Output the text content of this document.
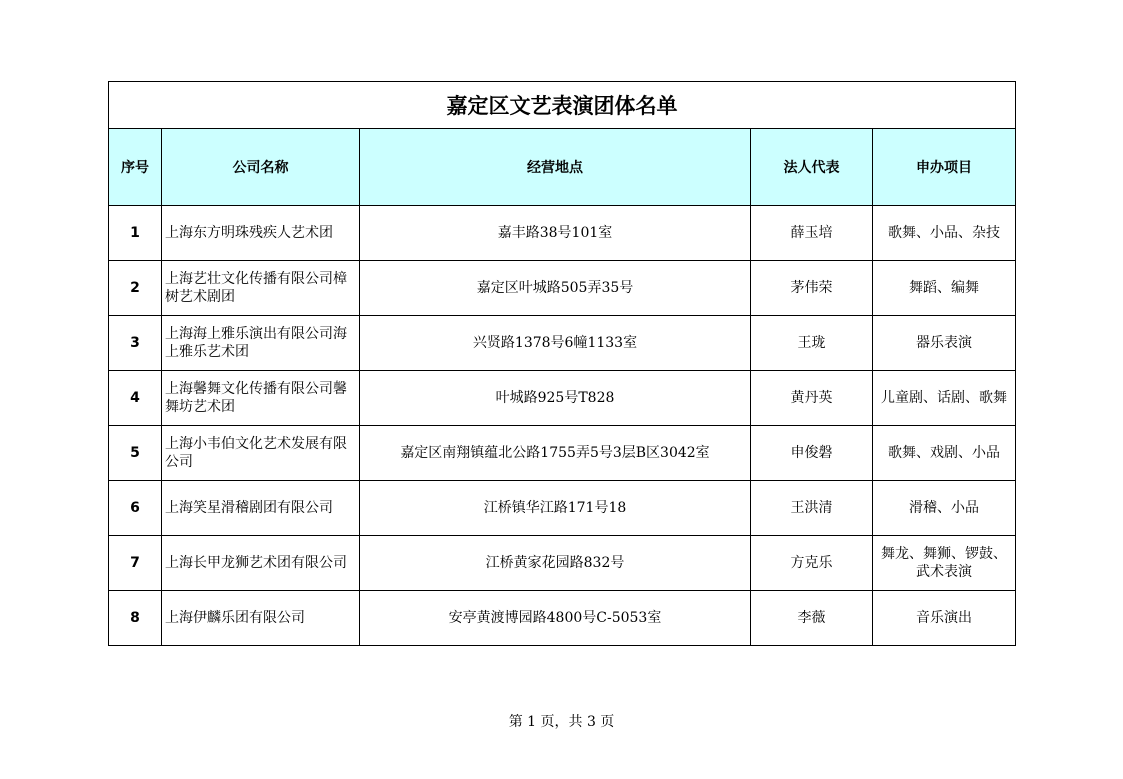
嘉定区文艺表演团体名单				
序号	公司名称	经营地点	法人代表	申办项目
1	上海东方明珠残疾人艺术团	嘉丰路38号101室	薛玉培	歌舞、小品、杂技
2	上海艺壮文化传播有限公司樟树艺术剧团	嘉定区叶城路505弄35号	茅伟荣	舞蹈、编舞
3	上海海上雅乐演出有限公司海上雅乐艺术团	兴贤路1378号6幢1133室	王珑	器乐表演
4	上海馨舞文化传播有限公司馨舞坊艺术团	叶城路925号T828	黄丹英	儿童剧、话剧、歌舞
5	上海小韦伯文化艺术发展有限公司	嘉定区南翔镇蕴北公路1755弄5号3层B区3042室	申俊磐	歌舞、戏剧、小品
6	上海笑星滑稽剧团有限公司	江桥镇华江路171号18	王洪清	滑稽、小品
7	上海长甲龙狮艺术团有限公司	江桥黄家花园路832号	方克乐	舞龙、舞狮、锣鼓、武术表演
8	上海伊麟乐团有限公司	安亭黄渡博园路4800号C-5053室	李薇	音乐演出
第 1 页，共 3 页
